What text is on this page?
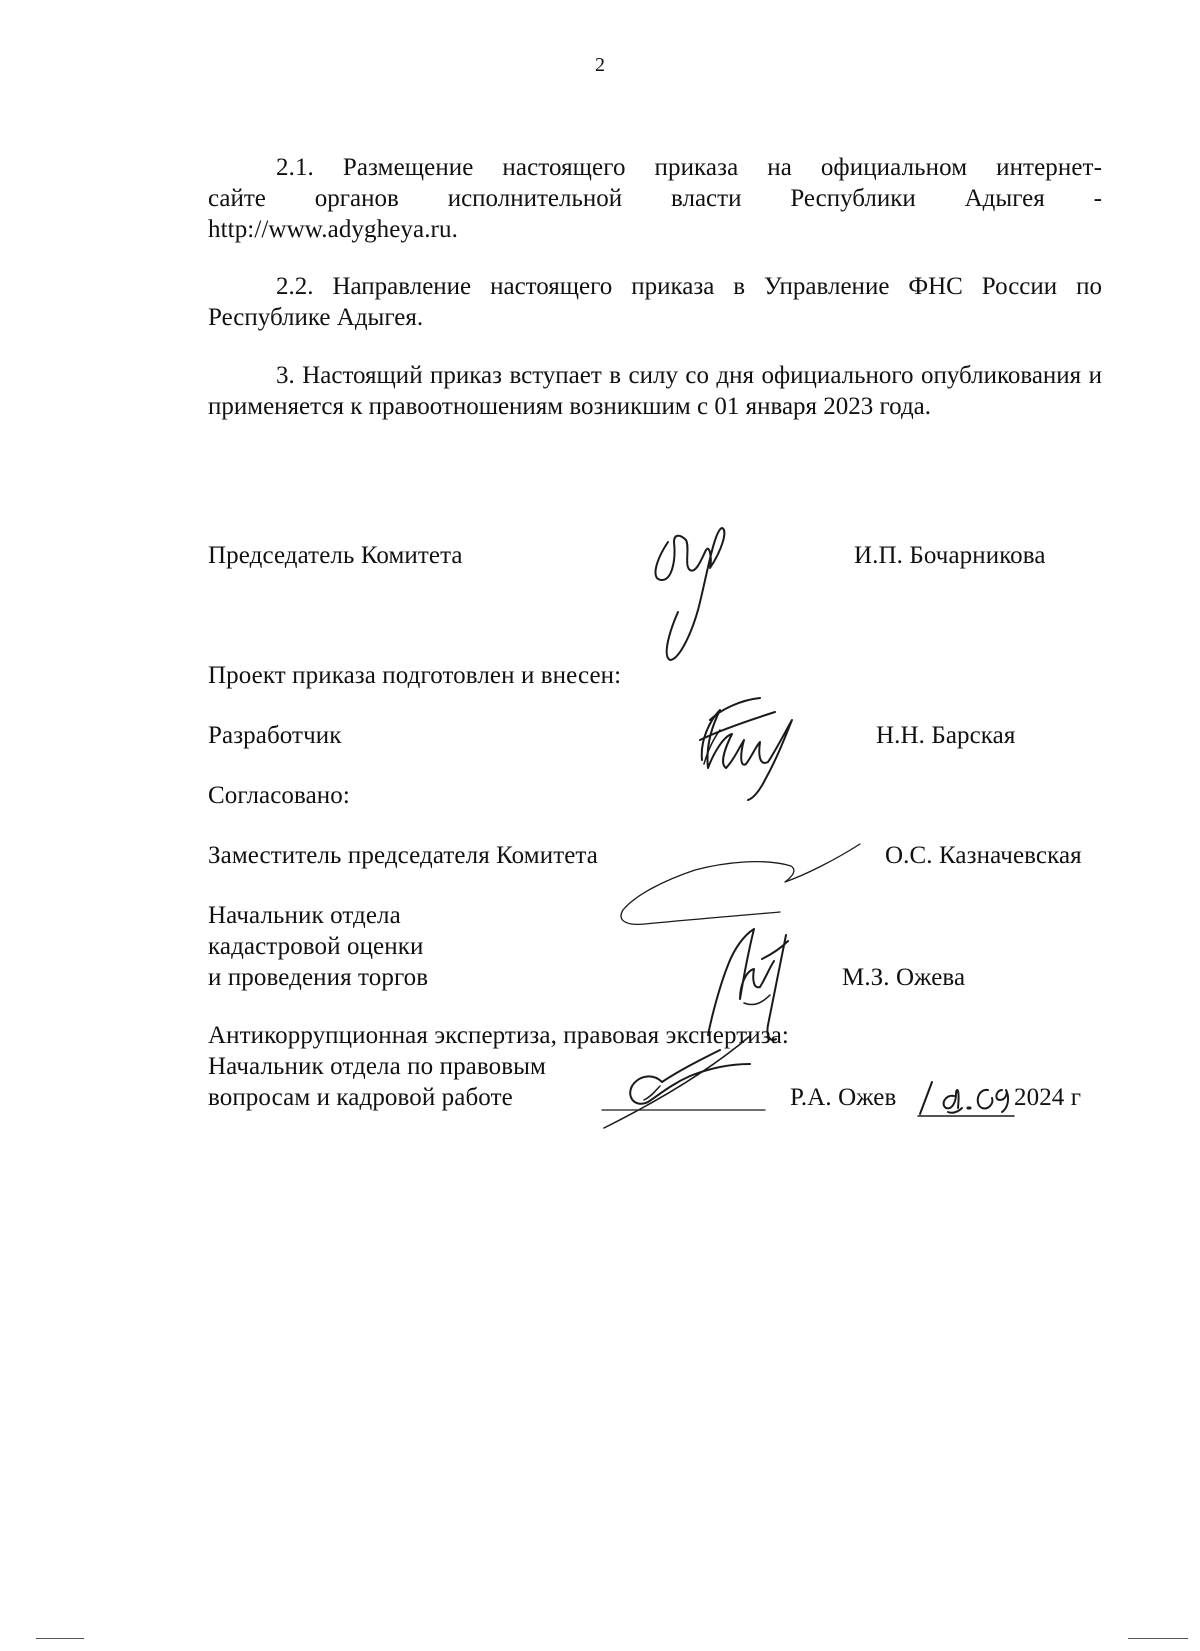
2
2.1. Размещение настоящего приказа на официальном интернет-
сайте органов исполнительной власти Республики Адыгея -
http://www.adygheya.ru.
2.2. Направление настоящего приказа в Управление ФНС России по Республике Адыгея.
3. Настоящий приказ вступает в силу со дня официального опубликования и применяется к правоотношениям возникшим с 01 января 2023 года.
Председатель Комитета	И.П. Бочарникова
Проект приказа подготовлен и внесен:
Разработчик	Н.Н. Барская
Согласовано:
Заместитель председателя Комитета	О.С. Казначевская
Начальник отдела
кадастровой оценки
и проведения торгов	М.З. Ожева
Антикоррупционная экспертиза, правовая экспертиза:
Начальник отдела по правовым
вопросам и кадровой работе	Р.А. Ожев	2024 г
